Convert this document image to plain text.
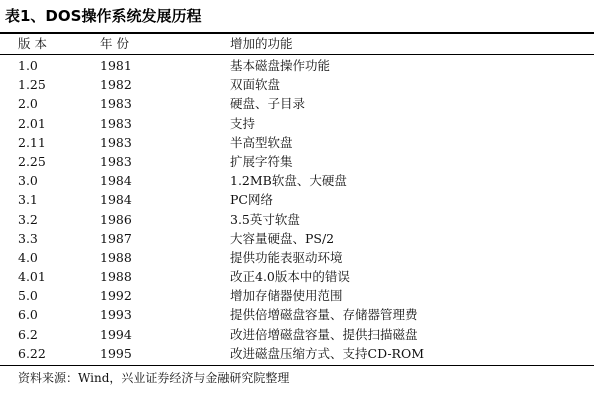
表1、DOS操作系统发展历程
版 本	年 份	增加的功能
1.0	1981	基本磁盘操作功能
1.25	1982	双面软盘
2.0	1983	硬盘、子目录
2.01	1983	支持
2.11	1983	半高型软盘
2.25	1983	扩展字符集
3.0	1984	1.2MB软盘、大硬盘
3.1	1984	PC网络
3.2	1986	3.5英寸软盘
3.3	1987	大容量硬盘、PS/2
4.0	1988	提供功能表驱动环境
4.01	1988	改正4.0版本中的错误
5.0	1992	增加存储器使用范围
6.0	1993	提供倍增磁盘容量、存储器管理费
6.2	1994	改进倍增磁盘容量、提供扫描磁盘
6.22	1995	改进磁盘压缩方式、支持CD-ROM
资料来源：Wind，兴业证券经济与金融研究院整理
